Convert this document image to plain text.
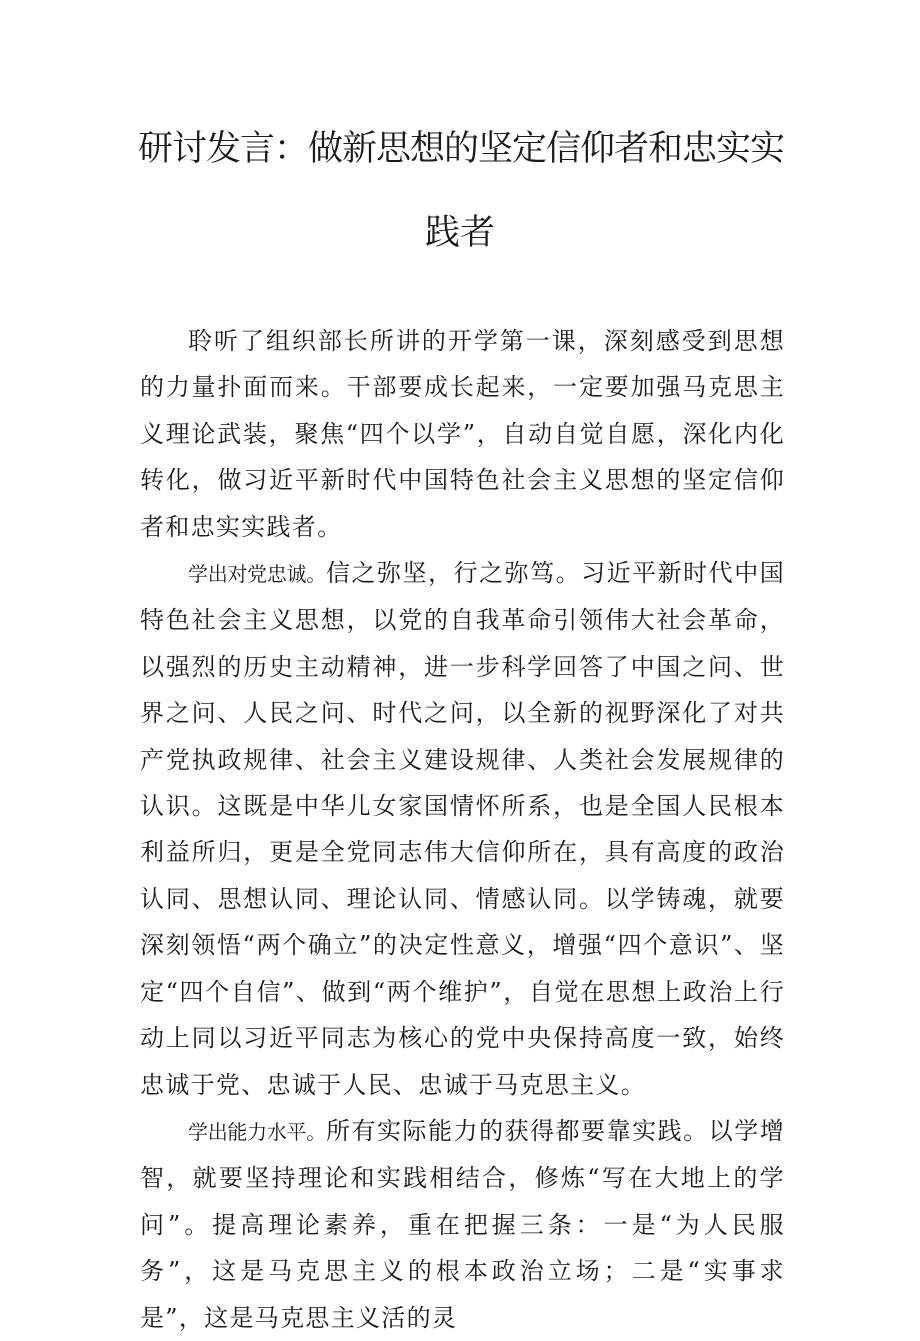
研讨发言：做新思想的坚定信仰者和忠实实
践者

聆听了组织部长所讲的开学第一课，深刻感受到思想的力量扑面而来。干部要成长起来，一定要加强马克思主义理论武装，聚焦“四个以学”，自动自觉自愿，深化内化转化，做习近平新时代中国特色社会主义思想的坚定信仰者和忠实实践者。

学出对党忠诚。信之弥坚，行之弥笃。习近平新时代中国特色社会主义思想，以党的自我革命引领伟大社会革命，以强烈的历史主动精神，进一步科学回答了中国之问、世界之问、人民之问、时代之问，以全新的视野深化了对共产党执政规律、社会主义建设规律、人类社会发展规律的认识。这既是中华儿女家国情怀所系，也是全国人民根本利益所归，更是全党同志伟大信仰所在，具有高度的政治认同、思想认同、理论认同、情感认同。以学铸魂，就要深刻领悟“两个确立”的决定性意义，增强“四个意识”、坚定“四个自信”、做到“两个维护”，自觉在思想上政治上行动上同以习近平同志为核心的党中央保持高度一致，始终忠诚于党、忠诚于人民、忠诚于马克思主义。

学出能力水平。所有实际能力的获得都要靠实践。以学增智，就要坚持理论和实践相结合，修炼“写在大地上的学问”。提高理论素养，重在把握三条：一是“为人民服务”，这是马克思主义的根本政治立场；二是“实事求是”，这是马克思主义活的灵
